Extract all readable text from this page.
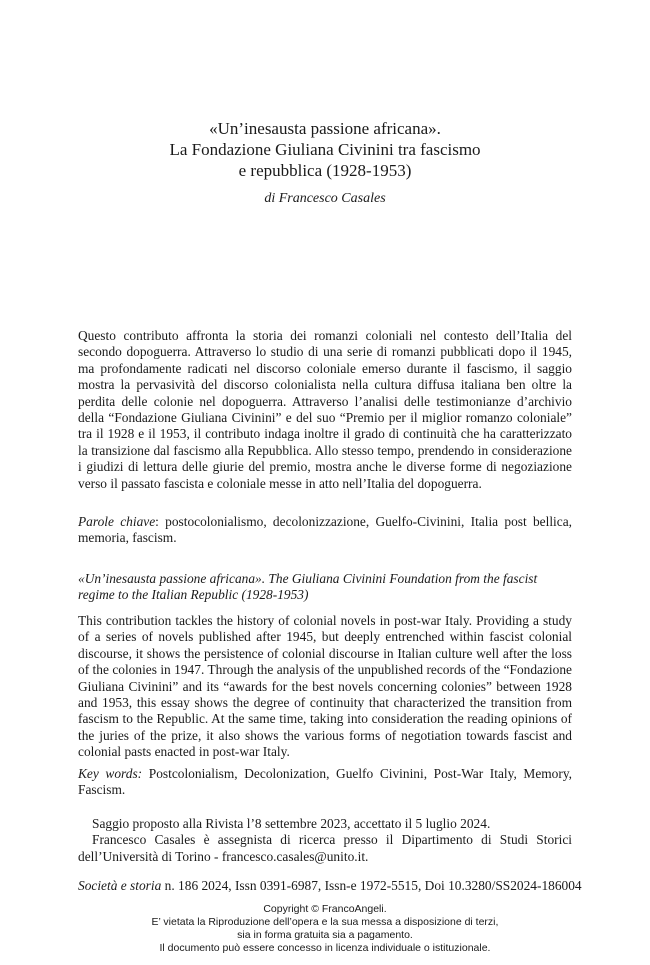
«Un’inesausta passione africana».
La Fondazione Giuliana Civinini tra fascismo
e repubblica (1928-1953)
di Francesco Casales

Questo contributo affronta la storia dei romanzi coloniali nel contesto dell’Italia del secondo dopoguerra. Attraverso lo studio di una serie di romanzi pubblicati dopo il 1945, ma profondamente radicati nel discorso coloniale emerso durante il fascismo, il saggio mostra la pervasività del discorso colonialista nella cultura diffusa italiana ben oltre la perdita delle colonie nel dopoguerra. Attraverso l’analisi delle testimonianze d’archivio della “Fondazione Giuliana Civinini” e del suo “Premio per il miglior romanzo coloniale” tra il 1928 e il 1953, il contributo indaga inoltre il grado di continuità che ha caratterizzato la transizione dal fascismo alla Repubblica. Allo stesso tempo, prendendo in considerazione i giudizi di lettura delle giurie del premio, mostra anche le diverse forme di negoziazione verso il passato fascista e coloniale messe in atto nell’Italia del dopoguerra.

Parole chiave: postocolonialismo, decolonizzazione, Guelfo-Civinini, Italia post bellica, memoria, fascism.

«Un’inesausta passione africana». The Giuliana Civinini Foundation from the fascist regime to the Italian Republic (1928-1953)

This contribution tackles the history of colonial novels in post-war Italy. Providing a study of a series of novels published after 1945, but deeply entrenched within fascist colonial discourse, it shows the persistence of colonial discourse in Italian culture well after the loss of the colonies in 1947. Through the analysis of the unpublished records of the “Fondazione Giuliana Civinini” and its “awards for the best novels concerning colonies” between 1928 and 1953, this essay shows the degree of continuity that characterized the transition from fascism to the Republic. At the same time, taking into consideration the reading opinions of the juries of the prize, it also shows the various forms of negotiation towards fascist and colonial pasts enacted in post-war Italy.

Key words: Postcolonialism, Decolonization, Guelfo Civinini, Post-War Italy, Memory, Fascism.

Saggio proposto alla Rivista l’8 settembre 2023, accettato il 5 luglio 2024.

Francesco Casales è assegnista di ricerca presso il Dipartimento di Studi Storici dell’Università di Torino - francesco.casales@unito.it.

Società e storia n. 186 2024, Issn 0391-6987, Issn-e 1972-5515, Doi 10.3280/SS2024-186004
Copyright © FrancoAngeli.
E’ vietata la Riproduzione dell’opera e la sua messa a disposizione di terzi,
sia in forma gratuita sia a pagamento.
Il documento può essere concesso in licenza individuale o istituzionale.
